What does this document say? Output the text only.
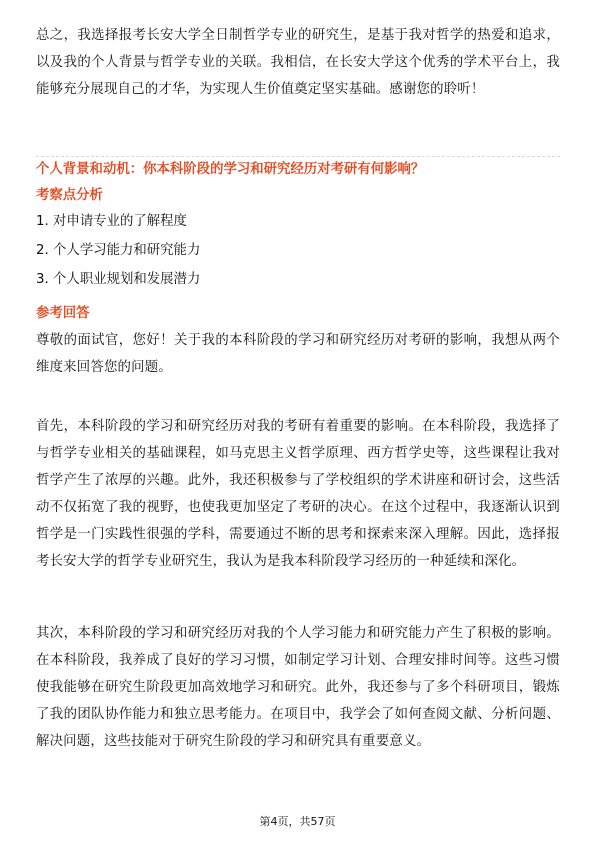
总之，我选择报考长安大学全日制哲学专业的研究生，是基于我对哲学的热爱和追求，以及我的个人背景与哲学专业的关联。我相信，在长安大学这个优秀的学术平台上，我能够充分展现自己的才华，为实现人生价值奠定坚实基础。感谢您的聆听！

个人背景和动机：你本科阶段的学习和研究经历对考研有何影响？
考察点分析
1. 对申请专业的了解程度
2. 个人学习能力和研究能力
3. 个人职业规划和发展潜力
参考回答

尊敬的面试官，您好！关于我的本科阶段的学习和研究经历对考研的影响，我想从两个维度来回答您的问题。

首先，本科阶段的学习和研究经历对我的考研有着重要的影响。在本科阶段，我选择了与哲学专业相关的基础课程，如马克思主义哲学原理、西方哲学史等，这些课程让我对哲学产生了浓厚的兴趣。此外，我还积极参与了学校组织的学术讲座和研讨会，这些活动不仅拓宽了我的视野，也使我更加坚定了考研的决心。在这个过程中，我逐渐认识到哲学是一门实践性很强的学科，需要通过不断的思考和探索来深入理解。因此，选择报考长安大学的哲学专业研究生，我认为是我本科阶段学习经历的一种延续和深化。

其次，本科阶段的学习和研究经历对我的个人学习能力和研究能力产生了积极的影响。在本科阶段，我养成了良好的学习习惯，如制定学习计划、合理安排时间等。这些习惯使我能够在研究生阶段更加高效地学习和研究。此外，我还参与了多个科研项目，锻炼了我的团队协作能力和独立思考能力。在项目中，我学会了如何查阅文献、分析问题、解决问题，这些技能对于研究生阶段的学习和研究具有重要意义。

第4页，共57页
